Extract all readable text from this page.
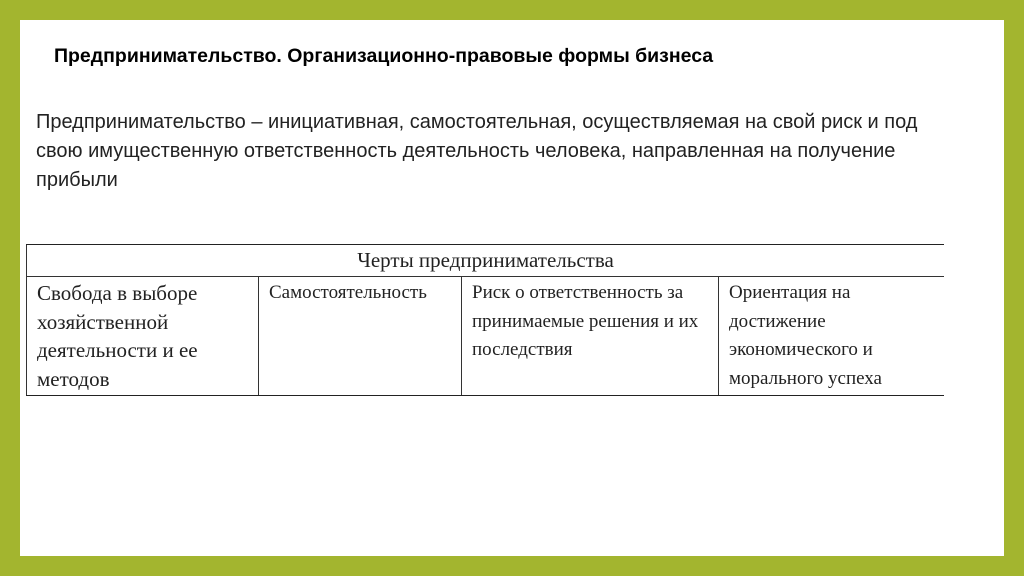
Предпринимательство. Организационно-правовые формы бизнеса
Предпринимательство – инициативная, самостоятельная, осуществляемая на свой риск и под свою имущественную ответственность деятельность человека, направленная на получение прибыли
Черты предпринимательства
Свобода в выборе хозяйственной деятельности и ее методов	Самостоятельность	Риск о ответственность за принимаемые решения и их последствия	Ориентация на достижение экономического и морального успеха
